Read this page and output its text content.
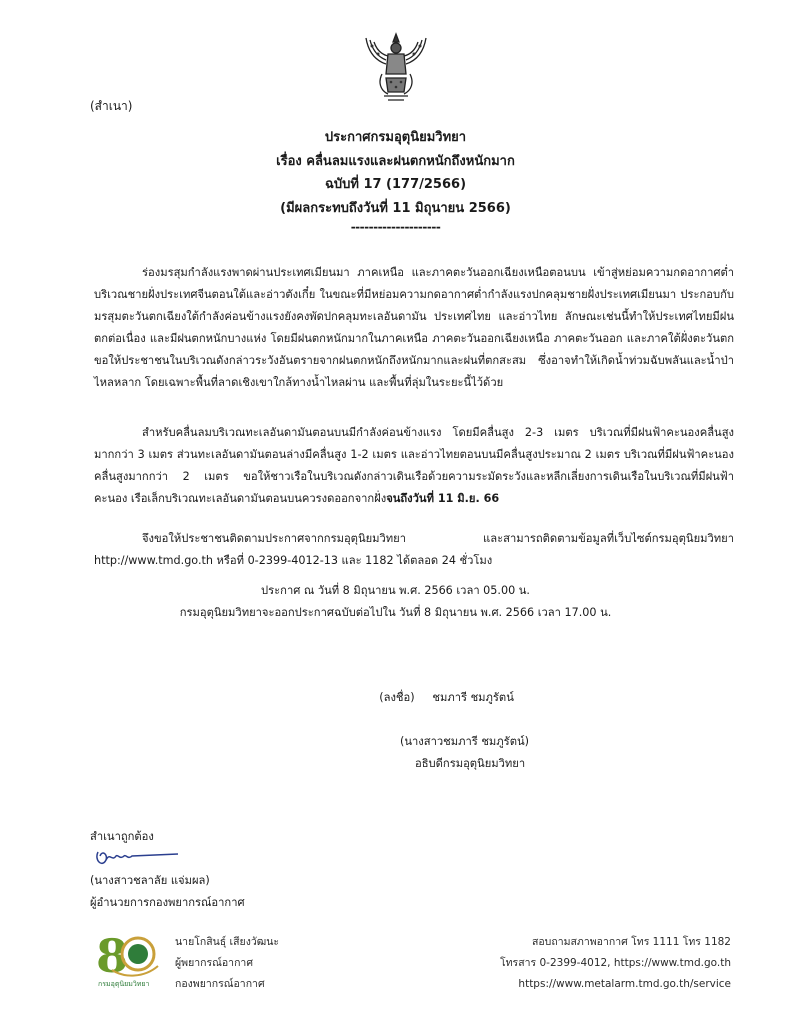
(สำเนา)

ประกาศกรมอุตุนิยมวิทยา

เรื่อง คลื่นลมแรงและฝนตกหนักถึงหนักมาก

ฉบับที่ 17 (177/2566)

(มีผลกระทบถึงวันที่ 11 มิถุนายน 2566)

--------------------
ร่องมรสุมกำลังแรงพาดผ่านประเทศเมียนมา ภาคเหนือ และภาคตะวันออกเฉียงเหนือตอนบน เข้าสู่หย่อมความกดอากาศต่ำบริเวณชายฝั่งประเทศจีนตอนใต้และอ่าวตังเกี๋ย ในขณะที่มีหย่อมความกดอากาศต่ำกำลังแรงปกคลุมชายฝั่งประเทศเมียนมา ประกอบกับมรสุมตะวันตกเฉียงใต้กำลังค่อนข้างแรงยังคงพัดปกคลุมทะเลอันดามัน ประเทศไทย และอ่าวไทย ลักษณะเช่นนี้ทำให้ประเทศไทยมีฝนตกต่อเนื่อง และมีฝนตกหนักบางแห่ง โดยมีฝนตกหนักมากในภาคเหนือ ภาคตะวันออกเฉียงเหนือ ภาคตะวันออก และภาคใต้ฝั่งตะวันตก ขอให้ประชาชนในบริเวณดังกล่าวระวังอันตรายจากฝนตกหนักถึงหนักมากและฝนที่ตกสะสม ซึ่งอาจทำให้เกิดน้ำท่วมฉับพลันและน้ำป่าไหลหลาก โดยเฉพาะพื้นที่ลาดเชิงเขาใกล้ทางน้ำไหลผ่าน และพื้นที่ลุ่มในระยะนี้ไว้ด้วย
สำหรับคลื่นลมบริเวณทะเลอันดามันตอนบนมีกำลังค่อนข้างแรง โดยมีคลื่นสูง 2-3 เมตร บริเวณที่มีฝนฟ้าคะนองคลื่นสูงมากกว่า 3 เมตร ส่วนทะเลอันดามันตอนล่างมีคลื่นสูง 1-2 เมตร และอ่าวไทยตอนบนมีคลื่นสูงประมาณ 2 เมตร บริเวณที่มีฝนฟ้าคะนองคลื่นสูงมากกว่า 2 เมตร ขอให้ชาวเรือในบริเวณดังกล่าวเดินเรือด้วยความระมัดระวังและหลีกเลี่ยงการเดินเรือในบริเวณที่มีฝนฟ้าคะนอง เรือเล็กบริเวณทะเลอันดามันตอนบนควรงดออกจากฝั่งจนถึงวันที่ 11 มิ.ย. 66
จึงขอให้ประชาชนติดตามประกาศจากกรมอุตุนิยมวิทยา และสามารถติดตามข้อมูลที่เว็บไซต์กรมอุตุนิยมวิทยา http://www.tmd.go.th หรือที่ 0-2399-4012-13 และ 1182 ได้ตลอด 24 ชั่วโมง
ประกาศ ณ วันที่ 8 มิถุนายน พ.ศ. 2566 เวลา 05.00 น.
กรมอุตุนิยมวิทยาจะออกประกาศฉบับต่อไปใน วันที่ 8 มิถุนายน พ.ศ. 2566 เวลา 17.00 น.

(ลงชื่อ) ชมภารี ชมภูรัตน์

(นางสาวชมภารี ชมภูรัตน์)
อธิบดีกรมอุตุนิยมวิทยา
สำเนาถูกต้อง
(นางสาวชลาลัย แจ่มผล)
ผู้อำนวยการกองพยากรณ์อากาศ
8
กรมอุตุนิยมวิทยา
นายโกสินธุ์ เสียงวัฒนะ
ผู้พยากรณ์อากาศ
กองพยากรณ์อากาศ
สอบถามสภาพอากาศ โทร 1111 โทร 1182
โทรสาร 0-2399-4012, https://www.tmd.go.th
https://www.metalarm.tmd.go.th/service
